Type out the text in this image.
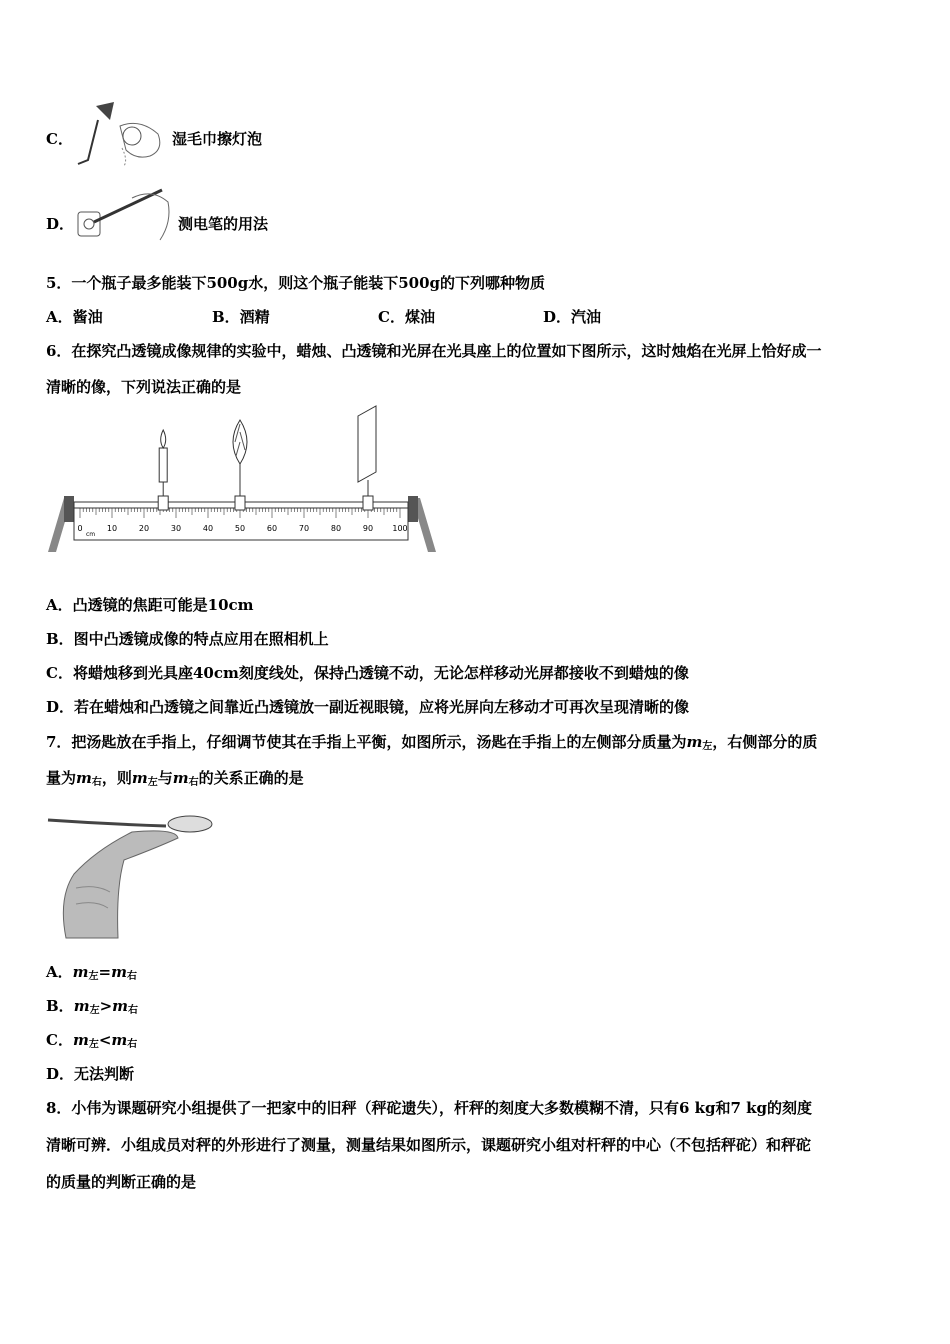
C．	湿毛巾擦灯泡
D．	测电笔的用法
5．一个瓶子最多能装下500g水，则这个瓶子能装下500g的下列哪种物质
A．酱油	B．酒精	C．煤油	D．汽油
6．在探究凸透镜成像规律的实验中，蜡烛、凸透镜和光屏在光具座上的位置如下图所示，这时烛焰在光屏上恰好成一
清晰的像，下列说法正确的是
0
cm
10	20	30	40	50	60	70	80	90 100
A．凸透镜的焦距可能是10cm
B．图中凸透镜成像的特点应用在照相机上
C．将蜡烛移到光具座40cm刻度线处，保持凸透镜不动，无论怎样移动光屏都接收不到蜡烛的像
D．若在蜡烛和凸透镜之间靠近凸透镜放一副近视眼镜，应将光屏向左移动才可再次呈现清晰的像
7．把汤匙放在手指上，仔细调节使其在手指上平衡，如图所示，汤匙在手指上的左侧部分质量为$m_左$，右侧部分的质
量为$m_右$，则$m_左$与$m_右$的关系正确的是
A．$m_左=m_右$
B．$m_左>m_右$
C．$m_左<m_右$
D．无法判断
8．小伟为课题研究小组提供了一把家中的旧秤（秤砣遗失），杆秤的刻度大多数模糊不清，只有6 kg和7 kg的刻度
清晰可辨．小组成员对秤的外形进行了测量，测量结果如图所示，课题研究小组对杆秤的中心（不包括秤砣）和秤砣
的质量的判断正确的是
